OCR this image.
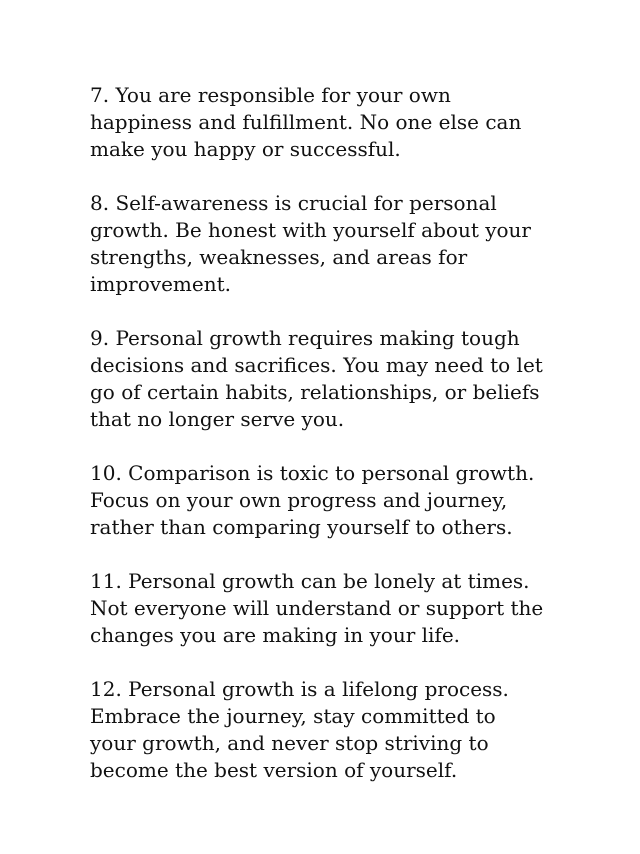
7. You are responsible for your own
happiness and fulfillment. No one else can
make you happy or successful.
8. Self-awareness is crucial for personal
growth. Be honest with yourself about your
strengths, weaknesses, and areas for
improvement.
9. Personal growth requires making tough
decisions and sacrifices. You may need to let
go of certain habits, relationships, or beliefs
that no longer serve you.
10. Comparison is toxic to personal growth.
Focus on your own progress and journey,
rather than comparing yourself to others.
11. Personal growth can be lonely at times.
Not everyone will understand or support the
changes you are making in your life.
12. Personal growth is a lifelong process.
Embrace the journey, stay committed to
your growth, and never stop striving to
become the best version of yourself.
